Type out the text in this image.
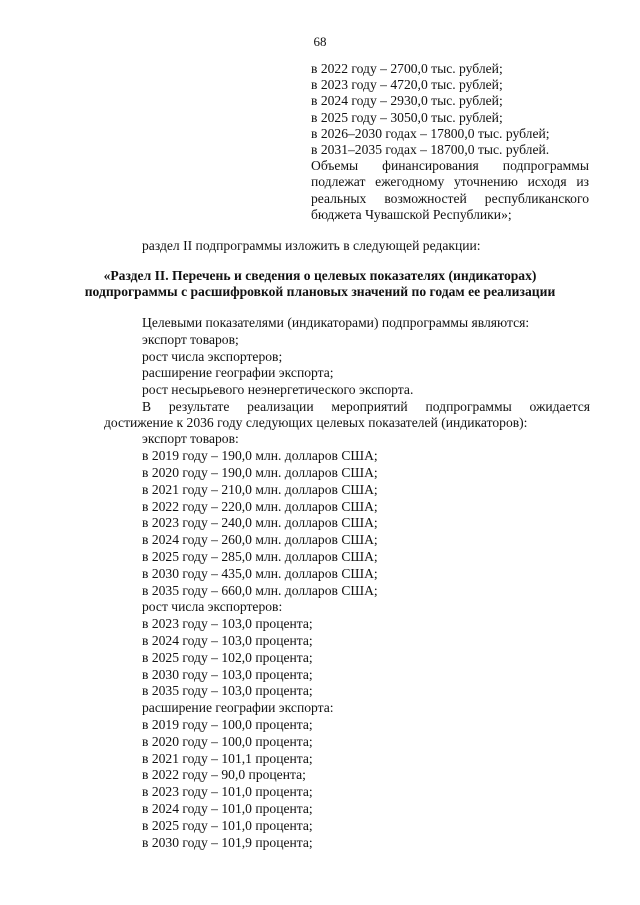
68
в 2022 году – 2700,0 тыс. рублей;
в 2023 году – 4720,0 тыс. рублей;
в 2024 году – 2930,0 тыс. рублей;
в 2025 году – 3050,0 тыс. рублей;
в 2026–2030 годах – 17800,0 тыс. рублей;
в 2031–2035 годах – 18700,0 тыс. рублей.
Объемы финансирования подпрограммы подлежат ежегодному уточнению исходя из реальных возможностей республиканского бюджета Чувашской Республики»;
раздел II подпрограммы изложить в следующей редакции:
«Раздел II. Перечень и сведения о целевых показателях (индикаторах)
подпрограммы с расшифровкой плановых значений по годам ее реализации
Целевыми показателями (индикаторами) подпрограммы являются:
экспорт товаров;
рост числа экспортеров;
расширение географии экспорта;
рост несырьевого неэнергетического экспорта.
В результате реализации мероприятий подпрограммы ожидается достижение к 2036 году следующих целевых показателей (индикаторов):
экспорт товаров:
в 2019 году – 190,0 млн. долларов США;
в 2020 году – 190,0 млн. долларов США;
в 2021 году – 210,0 млн. долларов США;
в 2022 году – 220,0 млн. долларов США;
в 2023 году – 240,0 млн. долларов США;
в 2024 году – 260,0 млн. долларов США;
в 2025 году – 285,0 млн. долларов США;
в 2030 году – 435,0 млн. долларов США;
в 2035 году – 660,0 млн. долларов США;
рост числа экспортеров:
в 2023 году – 103,0 процента;
в 2024 году – 103,0 процента;
в 2025 году – 102,0 процента;
в 2030 году – 103,0 процента;
в 2035 году – 103,0 процента;
расширение географии экспорта:
в 2019 году – 100,0 процента;
в 2020 году – 100,0 процента;
в 2021 году – 101,1 процента;
в 2022 году – 90,0 процента;
в 2023 году – 101,0 процента;
в 2024 году – 101,0 процента;
в 2025 году – 101,0 процента;
в 2030 году – 101,9 процента;
